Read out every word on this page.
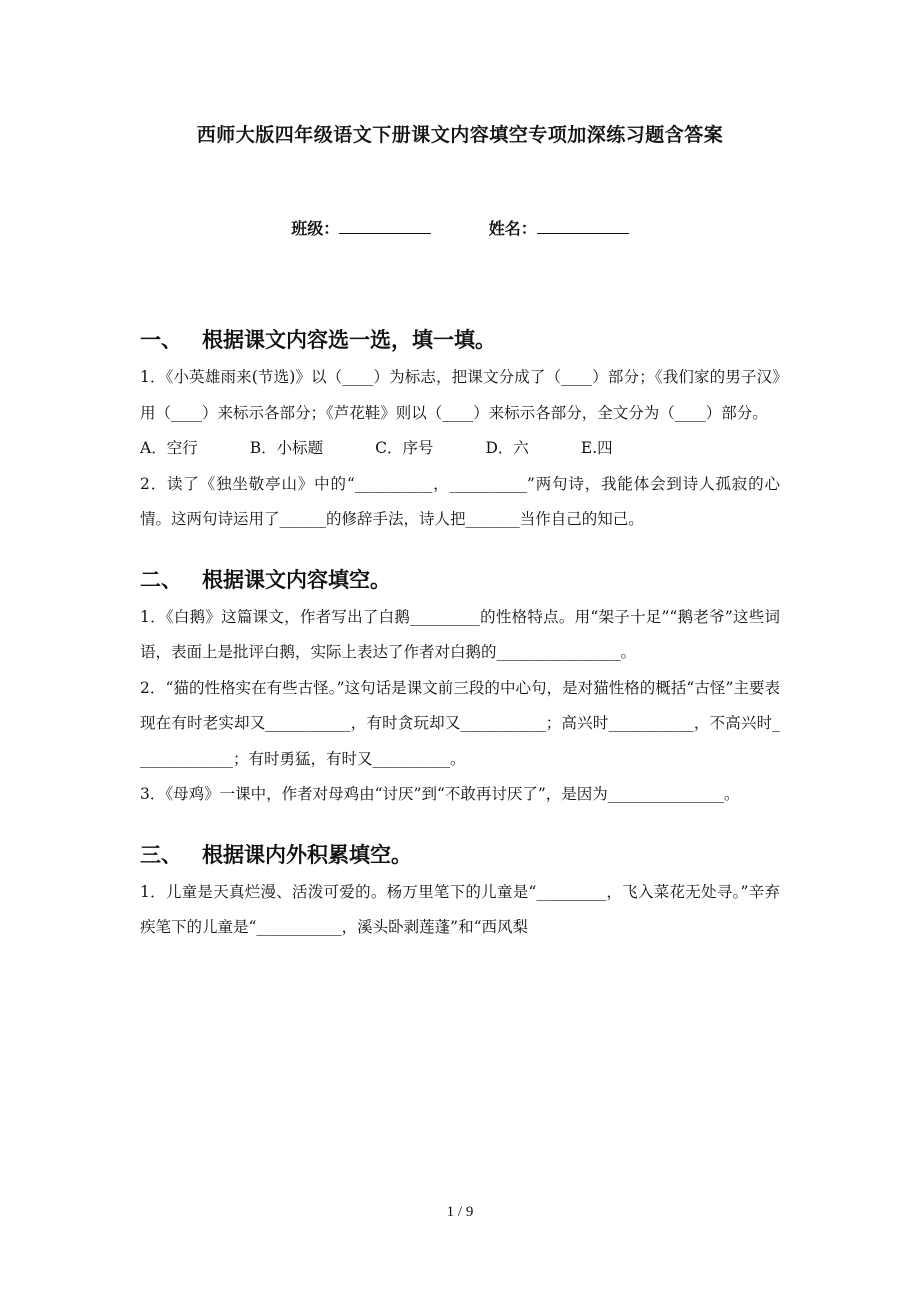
西师大版四年级语文下册课文内容填空专项加深练习题含答案
班级：	姓名：
一、 根据课文内容选一选，填一填。

1．《小英雄雨来(节选)》以（____）为标志，把课文分成了（____）部分；《我们家的男子汉》用（____）来标示各部分；《芦花鞋》则以（____）来标示各部分，全文分为（____）部分。

A．空行	B．小标题	C．序号	D．六	E.四

2．读了《独坐敬亭山》中的“__________，__________”两句诗，我能体会到诗人孤寂的心情。这两句诗运用了______的修辞手法，诗人把_______当作自己的知己。

二、 根据课文内容填空。

1．《白鹅》这篇课文，作者写出了白鹅_________的性格特点。用“架子十足”“鹅老爷”这些词语，表面上是批评白鹅，实际上表达了作者对白鹅的________________。

2．“猫的性格实在有些古怪。”这句话是课文前三段的中心句，是对猫性格的概括“古怪”主要表现在有时老实却又___________，有时贪玩却又___________；高兴时___________，不高兴时_____________；有时勇猛，有时又__________。

3．《母鸡》一课中，作者对母鸡由“讨厌”到“不敢再讨厌了”，是因为_______________。

三、 根据课内外积累填空。

1．儿童是天真烂漫、活泼可爱的。杨万里笔下的儿童是“_________，飞入菜花无处寻。”辛弃疾笔下的儿童是“___________，溪头卧剥莲蓬”和“西风梨

1 / 9
